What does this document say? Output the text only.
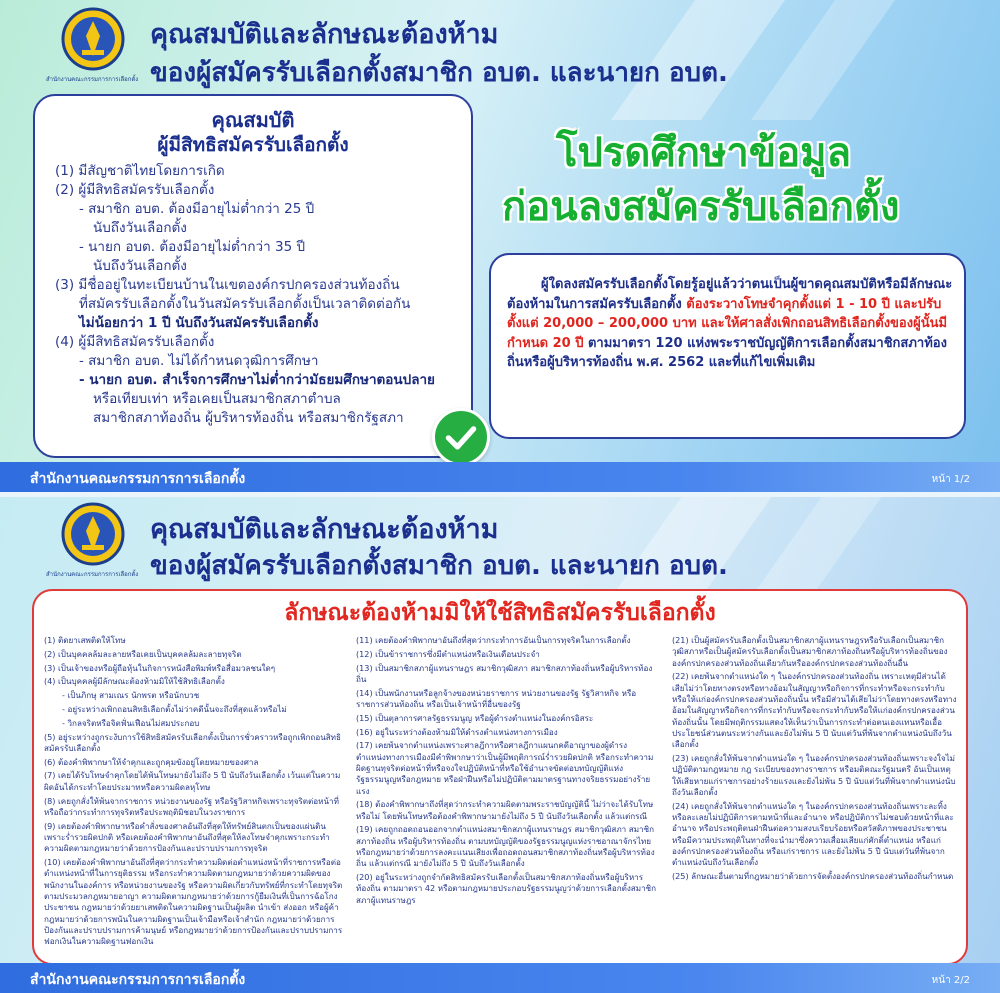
สำนักงานคณะกรรมการการเลือกตั้ง
คุณสมบัติและลักษณะต้องห้าม
ของผู้สมัครรับเลือกตั้งสมาชิก อบต. และนายก อบต.
คุณสมบัติ
ผู้มีสิทธิสมัครรับเลือกตั้ง
(1) มีสัญชาติไทยโดยการเกิด
(2) ผู้มีสิทธิสมัครรับเลือกตั้ง
- สมาชิก อบต. ต้องมีอายุไม่ต่ำกว่า 25 ปี
นับถึงวันเลือกตั้ง
- นายก อบต. ต้องมีอายุไม่ต่ำกว่า 35 ปี
นับถึงวันเลือกตั้ง
(3) มีชื่ออยู่ในทะเบียนบ้านในเขตองค์กรปกครองส่วนท้องถิ่น
ที่สมัครรับเลือกตั้งในวันสมัครรับเลือกตั้งเป็นเวลาติดต่อกัน
ไม่น้อยกว่า 1 ปี นับถึงวันสมัครรับเลือกตั้ง
(4) ผู้มีสิทธิสมัครรับเลือกตั้ง
- สมาชิก อบต. ไม่ได้กำหนดวุฒิการศึกษา
- นายก อบต. สำเร็จการศึกษาไม่ต่ำกว่ามัธยมศึกษาตอนปลาย
หรือเทียบเท่า หรือเคยเป็นสมาชิกสภาตำบล
สมาชิกสภาท้องถิ่น ผู้บริหารท้องถิ่น หรือสมาชิกรัฐสภา
โปรดศึกษาข้อมูล
ก่อนลงสมัครรับเลือกตั้ง
ผู้ใดลงสมัครรับเลือกตั้งโดยรู้อยู่แล้วว่าตนเป็นผู้ขาดคุณสมบัติหรือมีลักษณะต้องห้ามในการสมัครรับเลือกตั้ง ต้องระวางโทษจำคุกตั้งแต่ 1 - 10 ปี และปรับตั้งแต่ 20,000 – 200,000 บาท และให้ศาลสั่งเพิกถอนสิทธิเลือกตั้งของผู้นั้นมีกำหนด 20 ปี ตามมาตรา 120 แห่งพระราชบัญญัติการเลือกตั้งสมาชิกสภาท้องถิ่นหรือผู้บริหารท้องถิ่น พ.ศ. 2562 และที่แก้ไขเพิ่มเติม
สำนักงานคณะกรรมการการเลือกตั้ง	หน้า 1/2
สำนักงานคณะกรรมการการเลือกตั้ง
คุณสมบัติและลักษณะต้องห้าม
ของผู้สมัครรับเลือกตั้งสมาชิก อบต. และนายก อบต.
ลักษณะต้องห้ามมิให้ใช้สิทธิสมัครรับเลือกตั้ง
(1) ติดยาเสพติดให้โทษ
(2) เป็นบุคคลล้มละลายหรือเคยเป็นบุคคลล้มละลายทุจริต
(3) เป็นเจ้าของหรือผู้ถือหุ้นในกิจการหนังสือพิมพ์หรือสื่อมวลชนใดๆ
(4) เป็นบุคคลผู้มีลักษณะต้องห้ามมิให้ใช้สิทธิเลือกตั้ง
- เป็นภิกษุ สามเณร นักพรต หรือนักบวช
- อยู่ระหว่างเพิกถอนสิทธิเลือกตั้งไม่ว่าคดีนั้นจะถึงที่สุดแล้วหรือไม่
- วิกลจริตหรือจิตฟั่นเฟือนไม่สมประกอบ
(5) อยู่ระหว่างถูกระงับการใช้สิทธิสมัครรับเลือกตั้งเป็นการชั่วคราวหรือถูกเพิกถอนสิทธิสมัครรับเลือกตั้ง
(6) ต้องคำพิพากษาให้จำคุกและถูกคุมขังอยู่โดยหมายของศาล
(7) เคยได้รับโทษจำคุกโดยได้พ้นโทษมายังไม่ถึง 5 ปี นับถึงวันเลือกตั้ง เว้นแต่ในความผิดอันได้กระทำโดยประมาทหรือความผิดลหุโทษ
(8) เคยถูกสั่งให้พ้นจากราชการ หน่วยงานของรัฐ หรือรัฐวิสาหกิจเพราะทุจริตต่อหน้าที่หรือถือว่ากระทำการทุจริตหรือประพฤติมิชอบในวงราชการ
(9) เคยต้องคำพิพากษาหรือคำสั่งของศาลอันถึงที่สุดให้ทรัพย์สินตกเป็นของแผ่นดินเพราะร่ำรวยผิดปกติ หรือเคยต้องคำพิพากษาอันถึงที่สุดให้ลงโทษจำคุกเพราะกระทำความผิดตามกฎหมายว่าด้วยการป้องกันและปราบปรามการทุจริต
(10) เคยต้องคำพิพากษาอันถึงที่สุดว่ากระทำความผิดต่อตำแหน่งหน้าที่ราชการหรือต่อตำแหน่งหน้าที่ในการยุติธรรม หรือกระทำความผิดตามกฎหมายว่าด้วยความผิดของพนักงานในองค์การ หรือหน่วยงานของรัฐ หรือความผิดเกี่ยวกับทรัพย์ที่กระทำโดยทุจริตตามประมวลกฎหมายอาญา ความผิดตามกฎหมายว่าด้วยการกู้ยืมเงินที่เป็นการฉ้อโกงประชาชน กฎหมายว่าด้วยยาเสพติดในความผิดฐานเป็นผู้ผลิต นำเข้า ส่งออก หรือผู้ค้า กฎหมายว่าด้วยการพนันในความผิดฐานเป็นเจ้ามือหรือเจ้าสำนัก กฎหมายว่าด้วยการป้องกันและปราบปรามการค้ามนุษย์ หรือกฎหมายว่าด้วยการป้องกันและปราบปรามการฟอกเงินในความผิดฐานฟอกเงิน
(11) เคยต้องคำพิพากษาอันถึงที่สุดว่ากระทำการอันเป็นการทุจริตในการเลือกตั้ง
(12) เป็นข้าราชการซึ่งมีตำแหน่งหรือเงินเดือนประจำ
(13) เป็นสมาชิกสภาผู้แทนราษฎร สมาชิกวุฒิสภา สมาชิกสภาท้องถิ่นหรือผู้บริหารท้องถิ่น
(14) เป็นพนักงานหรือลูกจ้างของหน่วยราชการ หน่วยงานของรัฐ รัฐวิสาหกิจ หรือราชการส่วนท้องถิ่น หรือเป็นเจ้าหน้าที่อื่นของรัฐ
(15) เป็นตุลาการศาลรัฐธรรมนูญ หรือผู้ดำรงตำแหน่งในองค์กรอิสระ
(16) อยู่ในระหว่างต้องห้ามมิให้ดำรงตำแหน่งทางการเมือง
(17) เคยพ้นจากตำแหน่งเพราะศาลฎีกาหรือศาลฎีกาแผนกคดีอาญาของผู้ดำรงตำแหน่งทางการเมืองมีคำพิพากษาว่าเป็นผู้มีพฤติการณ์ร่ำรวยผิดปกติ หรือกระทำความผิดฐานทุจริตต่อหน้าที่หรือจงใจปฏิบัติหน้าที่หรือใช้อำนาจขัดต่อบทบัญญัติแห่งรัฐธรรมนูญหรือกฎหมาย หรือฝ่าฝืนหรือไม่ปฏิบัติตามมาตรฐานทางจริยธรรมอย่างร้ายแรง
(18) ต้องคำพิพากษาถึงที่สุดว่ากระทำความผิดตามพระราชบัญญัตินี้ ไม่ว่าจะได้รับโทษหรือไม่ โดยพ้นโทษหรือต้องคำพิพากษามายังไม่ถึง 5 ปี นับถึงวันเลือกตั้ง แล้วแต่กรณี
(19) เคยถูกถอดถอนออกจากตำแหน่งสมาชิกสภาผู้แทนราษฎร สมาชิกวุฒิสภา สมาชิกสภาท้องถิ่น หรือผู้บริหารท้องถิ่น ตามบทบัญญัติของรัฐธรรมนูญแห่งราชอาณาจักรไทย หรือกฎหมายว่าด้วยการลงคะแนนเสียงเพื่อถอดถอนสมาชิกสภาท้องถิ่นหรือผู้บริหารท้องถิ่น แล้วแต่กรณี มายังไม่ถึง 5 ปี นับถึงวันเลือกตั้ง
(20) อยู่ในระหว่างถูกจำกัดสิทธิสมัครรับเลือกตั้งเป็นสมาชิกสภาท้องถิ่นหรือผู้บริหารท้องถิ่น ตามมาตรา 42 หรือตามกฎหมายประกอบรัฐธรรมนูญว่าด้วยการเลือกตั้งสมาชิกสภาผู้แทนราษฎร
(21) เป็นผู้สมัครรับเลือกตั้งเป็นสมาชิกสภาผู้แทนราษฎรหรือรับเลือกเป็นสมาชิกวุฒิสภาหรือเป็นผู้สมัครรับเลือกตั้งเป็นสมาชิกสภาท้องถิ่นหรือผู้บริหารท้องถิ่นขององค์กรปกครองส่วนท้องถิ่นเดียวกันหรือองค์กรปกครองส่วนท้องถิ่นอื่น
(22) เคยพ้นจากตำแหน่งใด ๆ ในองค์กรปกครองส่วนท้องถิ่น เพราะเหตุมีส่วนได้เสียไม่ว่าโดยทางตรงหรือทางอ้อมในสัญญาหรือกิจการที่กระทำหรือจะกระทำกับหรือให้แก่องค์กรปกครองส่วนท้องถิ่นนั้น หรือมีส่วนได้เสียไม่ว่าโดยทางตรงหรือทางอ้อมในสัญญาหรือกิจการที่กระทำกับหรือจะกระทำกับหรือให้แก่องค์กรปกครองส่วนท้องถิ่นนั้น โดยมีพฤติกรรมแสดงให้เห็นว่าเป็นการกระทำต่อตนเองแทนหรือเอื้อประโยชน์ส่วนตนระหว่างกันและยังไม่พ้น 5 ปี นับแต่วันที่พ้นจากตำแหน่งนับถึงวันเลือกตั้ง
(23) เคยถูกสั่งให้พ้นจากตำแหน่งใด ๆ ในองค์กรปกครองส่วนท้องถิ่นเพราะจงใจไม่ปฏิบัติตามกฎหมาย กฎ ระเบียบของทางราชการ หรือมติคณะรัฐมนตรี อันเป็นเหตุให้เสียหายแก่ราชการอย่างร้ายแรงและยังไม่พ้น 5 ปี นับแต่วันที่พ้นจากตำแหน่งนับถึงวันเลือกตั้ง
(24) เคยถูกสั่งให้พ้นจากตำแหน่งใด ๆ ในองค์กรปกครองส่วนท้องถิ่นเพราะละทิ้งหรือละเลยไม่ปฏิบัติการตามหน้าที่และอำนาจ หรือปฏิบัติการไม่ชอบด้วยหน้าที่และอำนาจ หรือประพฤติตนฝ่าฝืนต่อความสงบเรียบร้อยหรือสวัสดิภาพของประชาชน หรือมีความประพฤติในทางที่จะนำมาซึ่งความเสื่อมเสียแก่ศักดิ์ตำแหน่ง หรือแก่องค์กรปกครองส่วนท้องถิ่น หรือแก่ราชการ และยังไม่พ้น 5 ปี นับแต่วันที่พ้นจากตำแหน่งนับถึงวันเลือกตั้ง
(25) ลักษณะอื่นตามที่กฎหมายว่าด้วยการจัดตั้งองค์กรปกครองส่วนท้องถิ่นกำหนด
สำนักงานคณะกรรมการการเลือกตั้ง	หน้า 2/2
